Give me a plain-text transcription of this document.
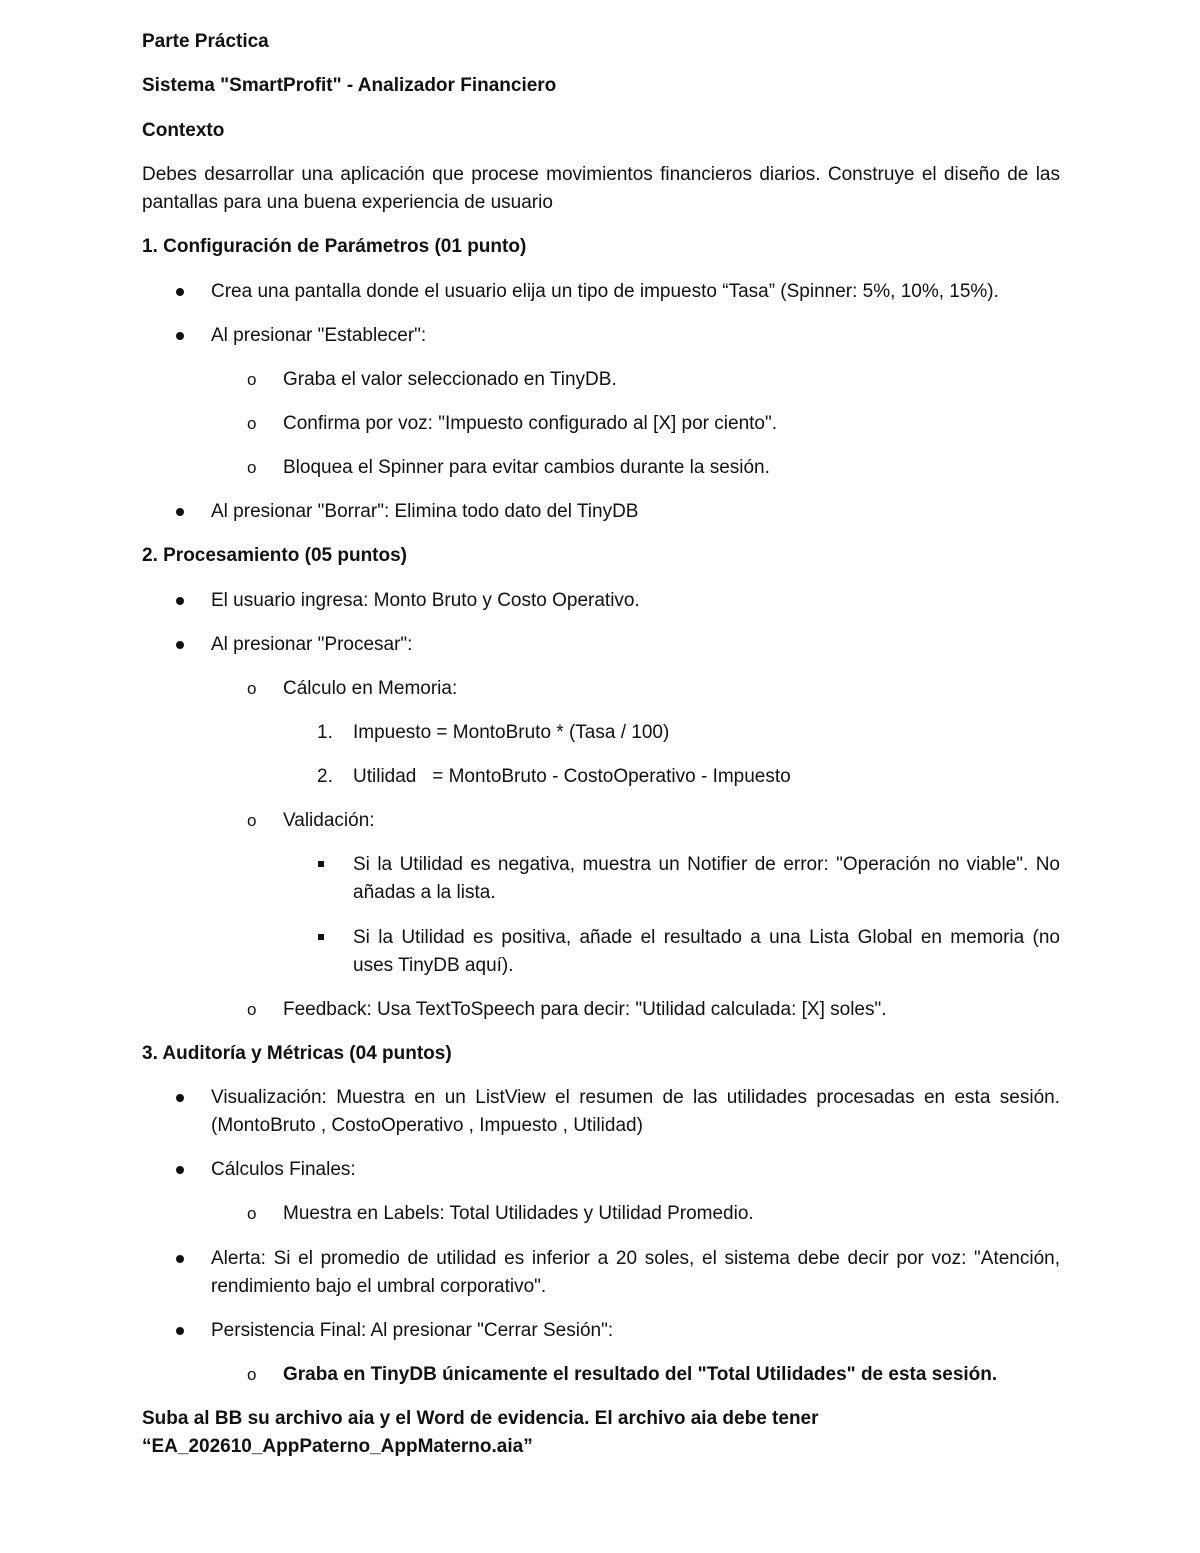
Parte Práctica
Sistema "SmartProfit" - Analizador Financiero
Contexto
Debes desarrollar una aplicación que procese movimientos financieros diarios. Construye el diseño de las pantallas para una buena experiencia de usuario
1. Configuración de Parámetros (01 punto)
Crea una pantalla donde el usuario elija un tipo de impuesto “Tasa” (Spinner: 5%, 10%, 15%).
Al presionar "Establecer":
o Graba el valor seleccionado en TinyDB.
o Confirma por voz: "Impuesto configurado al [X] por ciento".
o Bloquea el Spinner para evitar cambios durante la sesión.
Al presionar "Borrar": Elimina todo dato del TinyDB
2. Procesamiento (05 puntos)
El usuario ingresa: Monto Bruto y Costo Operativo.
Al presionar "Procesar":
o Cálculo en Memoria:
1. Impuesto = MontoBruto * (Tasa / 100)
2. Utilidad   = MontoBruto - CostoOperativo - Impuesto
o Validación:
Si la Utilidad es negativa, muestra un Notifier de error: "Operación no viable". No añadas a la lista.
Si la Utilidad es positiva, añade el resultado a una Lista Global en memoria (no uses TinyDB aquí).
o Feedback: Usa TextToSpeech para decir: "Utilidad calculada: [X] soles".
3. Auditoría y Métricas (04 puntos)
Visualización: Muestra en un ListView el resumen de las utilidades procesadas en esta sesión.(MontoBruto , CostoOperativo , Impuesto , Utilidad)
Cálculos Finales:
o Muestra en Labels: Total Utilidades y Utilidad Promedio.
Alerta: Si el promedio de utilidad es inferior a 20 soles, el sistema debe decir por voz: "Atención, rendimiento bajo el umbral corporativo".
Persistencia Final: Al presionar "Cerrar Sesión":
o Graba en TinyDB únicamente el resultado del "Total Utilidades" de esta sesión.
Suba al BB su archivo aia y el Word de evidencia. El archivo aia debe tener
“EA_202610_AppPaterno_AppMaterno.aia”
